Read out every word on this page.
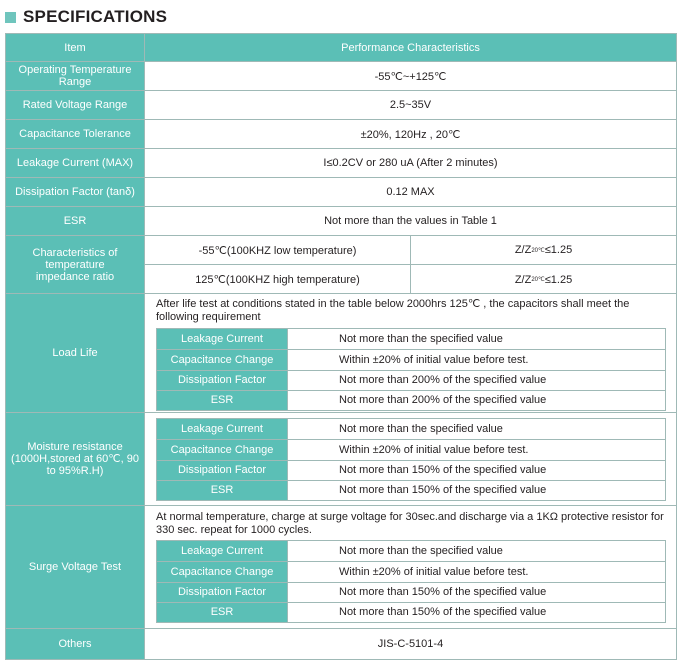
SPECIFICATIONS
Item	Performance Characteristics
Operating Temperature Range	-55℃~+125℃
Rated Voltage Range	2.5~35V
Capacitance Tolerance	±20%, 120Hz , 20℃
Leakage Current (MAX)	I≤0.2CV or 280 uA (After 2 minutes)
Dissipation Factor (tanδ)	0.12 MAX
ESR	Not more than the values in Table 1
Characteristics of temperature impedance ratio
-55℃(100KHZ low temperature)	Z/Z 20℃ ≤1.25
125℃(100KHZ high temperature)	Z/Z 20℃ ≤1.25
Load Life
After life test at conditions stated in the table below 2000hrs 125℃ , the capacitors shall meet the following requirement
Leakage Current	Not more than the specified value
Capacitance Change	Within ±20% of initial value before test.
Dissipation Factor	Not more than 200% of the specified value
ESR	Not more than 200% of the specified value
Moisture resistance (1000H,stored at 60℃, 90 to 95%R.H)
Leakage Current	Not more than the specified value
Capacitance Change	Within ±20% of initial value before test.
Dissipation Factor	Not more than 150% of the specified value
ESR	Not more than 150% of the specified value
Surge Voltage Test
At normal temperature, charge at surge voltage for 30sec.and discharge via a 1KΩ protective resistor for 330 sec. repeat for 1000 cycles.
Leakage Current	Not more than the specified value
Capacitance Change	Within ±20% of initial value before test.
Dissipation Factor	Not more than 150% of the specified value
ESR	Not more than 150% of the specified value
Others	JIS-C-5101-4
